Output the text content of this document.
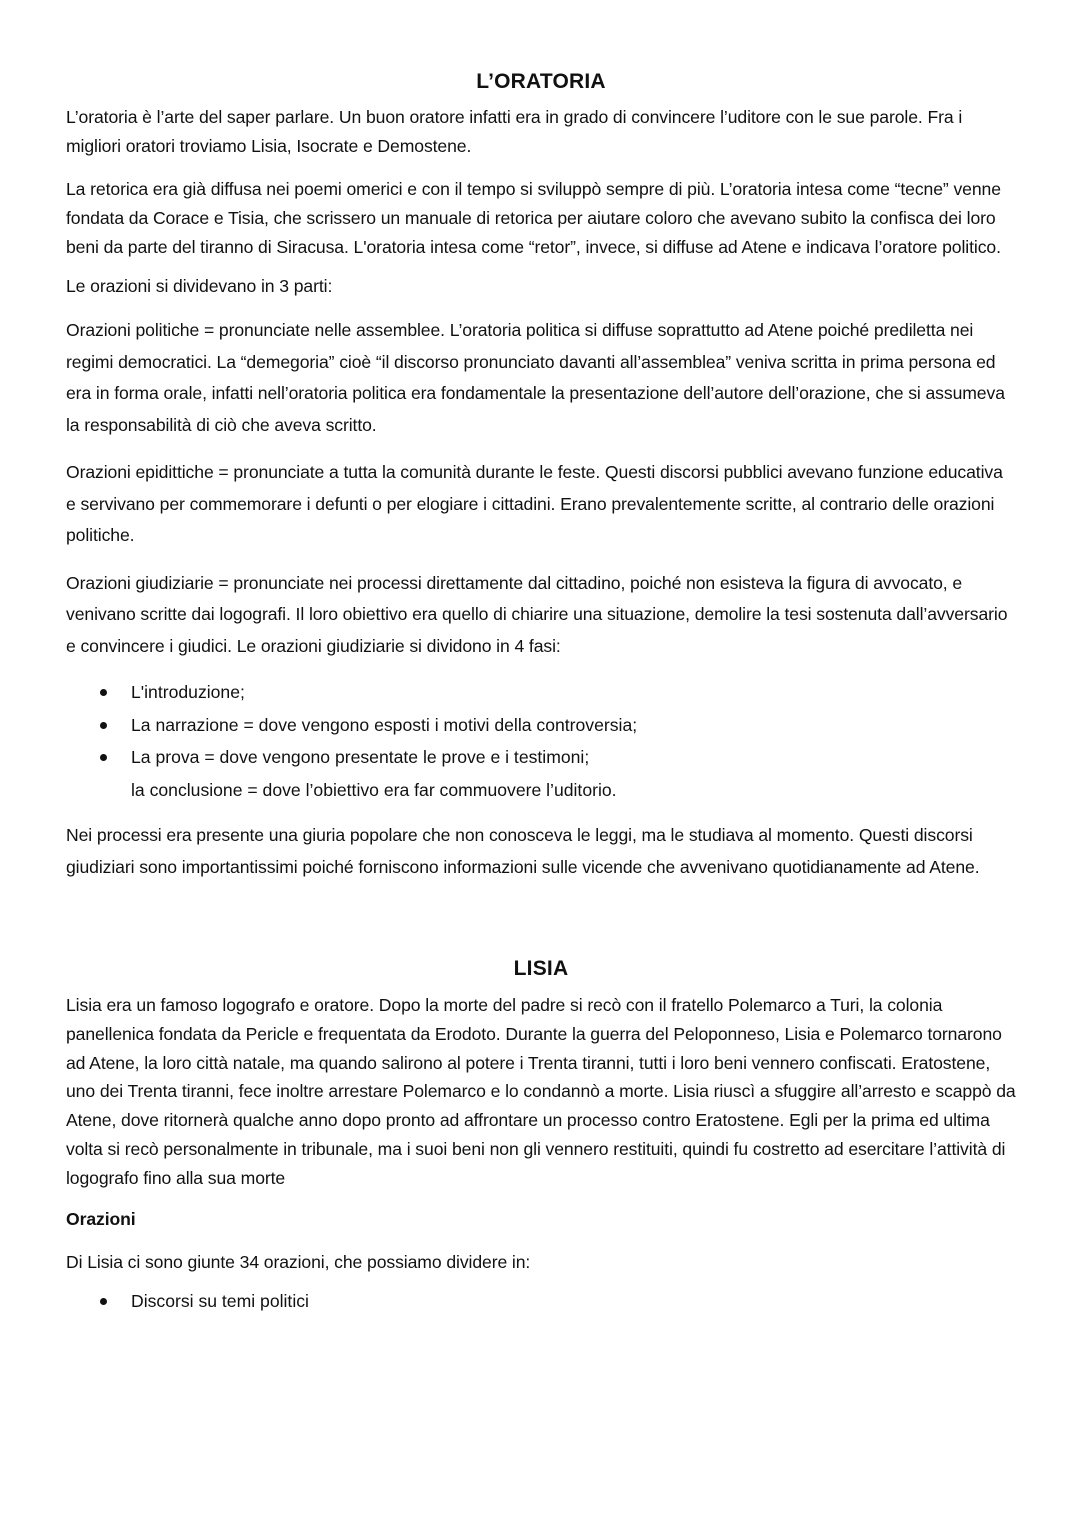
L’ORATORIA

L’oratoria è l’arte del saper parlare. Un buon oratore infatti era in grado di convincere l’uditore con le sue parole. Fra i migliori oratori troviamo Lisia, Isocrate e Demostene.

La retorica era già diffusa nei poemi omerici e con il tempo si sviluppò sempre di più. L’oratoria intesa come “tecne” venne fondata da Corace e Tisia, che scrissero un manuale di retorica per aiutare coloro che avevano subito la confisca dei loro beni da parte del tiranno di Siracusa. L'oratoria intesa come “retor”, invece, si diffuse ad Atene e indicava l’oratore politico.

Le orazioni si dividevano in 3 parti:

Orazioni politiche = pronunciate nelle assemblee. L’oratoria politica si diffuse soprattutto ad Atene poiché prediletta nei regimi democratici. La “demegoria” cioè “il discorso pronunciato davanti all’assemblea” veniva scritta in prima persona ed era in forma orale, infatti nell’oratoria politica era fondamentale la presentazione dell’autore dell’orazione, che si assumeva la responsabilità di ciò che aveva scritto.

Orazioni epidittiche = pronunciate a tutta la comunità durante le feste. Questi discorsi pubblici avevano funzione educativa e servivano per commemorare i defunti o per elogiare i cittadini. Erano prevalentemente scritte, al contrario delle orazioni politiche.

Orazioni giudiziarie = pronunciate nei processi direttamente dal cittadino, poiché non esisteva la figura di avvocato, e venivano scritte dai logografi. Il loro obiettivo era quello di chiarire una situazione, demolire la tesi sostenuta dall’avversario e convincere i giudici. Le orazioni giudiziarie si dividono in 4 fasi:

L'introduzione;
La narrazione = dove vengono esposti i motivi della controversia;
La prova = dove vengono presentate le prove e i testimoni;
la conclusione = dove l’obiettivo era far commuovere l’uditorio.

Nei processi era presente una giuria popolare che non conosceva le leggi, ma le studiava al momento. Questi discorsi giudiziari sono importantissimi poiché forniscono informazioni sulle vicende che avvenivano quotidianamente ad Atene.

LISIA

Lisia era un famoso logografo e oratore. Dopo la morte del padre si recò con il fratello Polemarco a Turi, la colonia panellenica fondata da Pericle e frequentata da Erodoto. Durante la guerra del Peloponneso, Lisia e Polemarco tornarono ad Atene, la loro città natale, ma quando salirono al potere i Trenta tiranni, tutti i loro beni vennero confiscati. Eratostene, uno dei Trenta tiranni, fece inoltre arrestare Polemarco e lo condannò a morte. Lisia riuscì a sfuggire all’arresto e scappò da Atene, dove ritornerà qualche anno dopo pronto ad affrontare un processo contro Eratostene. Egli per la prima ed ultima volta si recò personalmente in tribunale, ma i suoi beni non gli vennero restituiti, quindi fu costretto ad esercitare l’attività di logografo fino alla sua morte

Orazioni

Di Lisia ci sono giunte 34 orazioni, che possiamo dividere in:

Discorsi su temi politici
